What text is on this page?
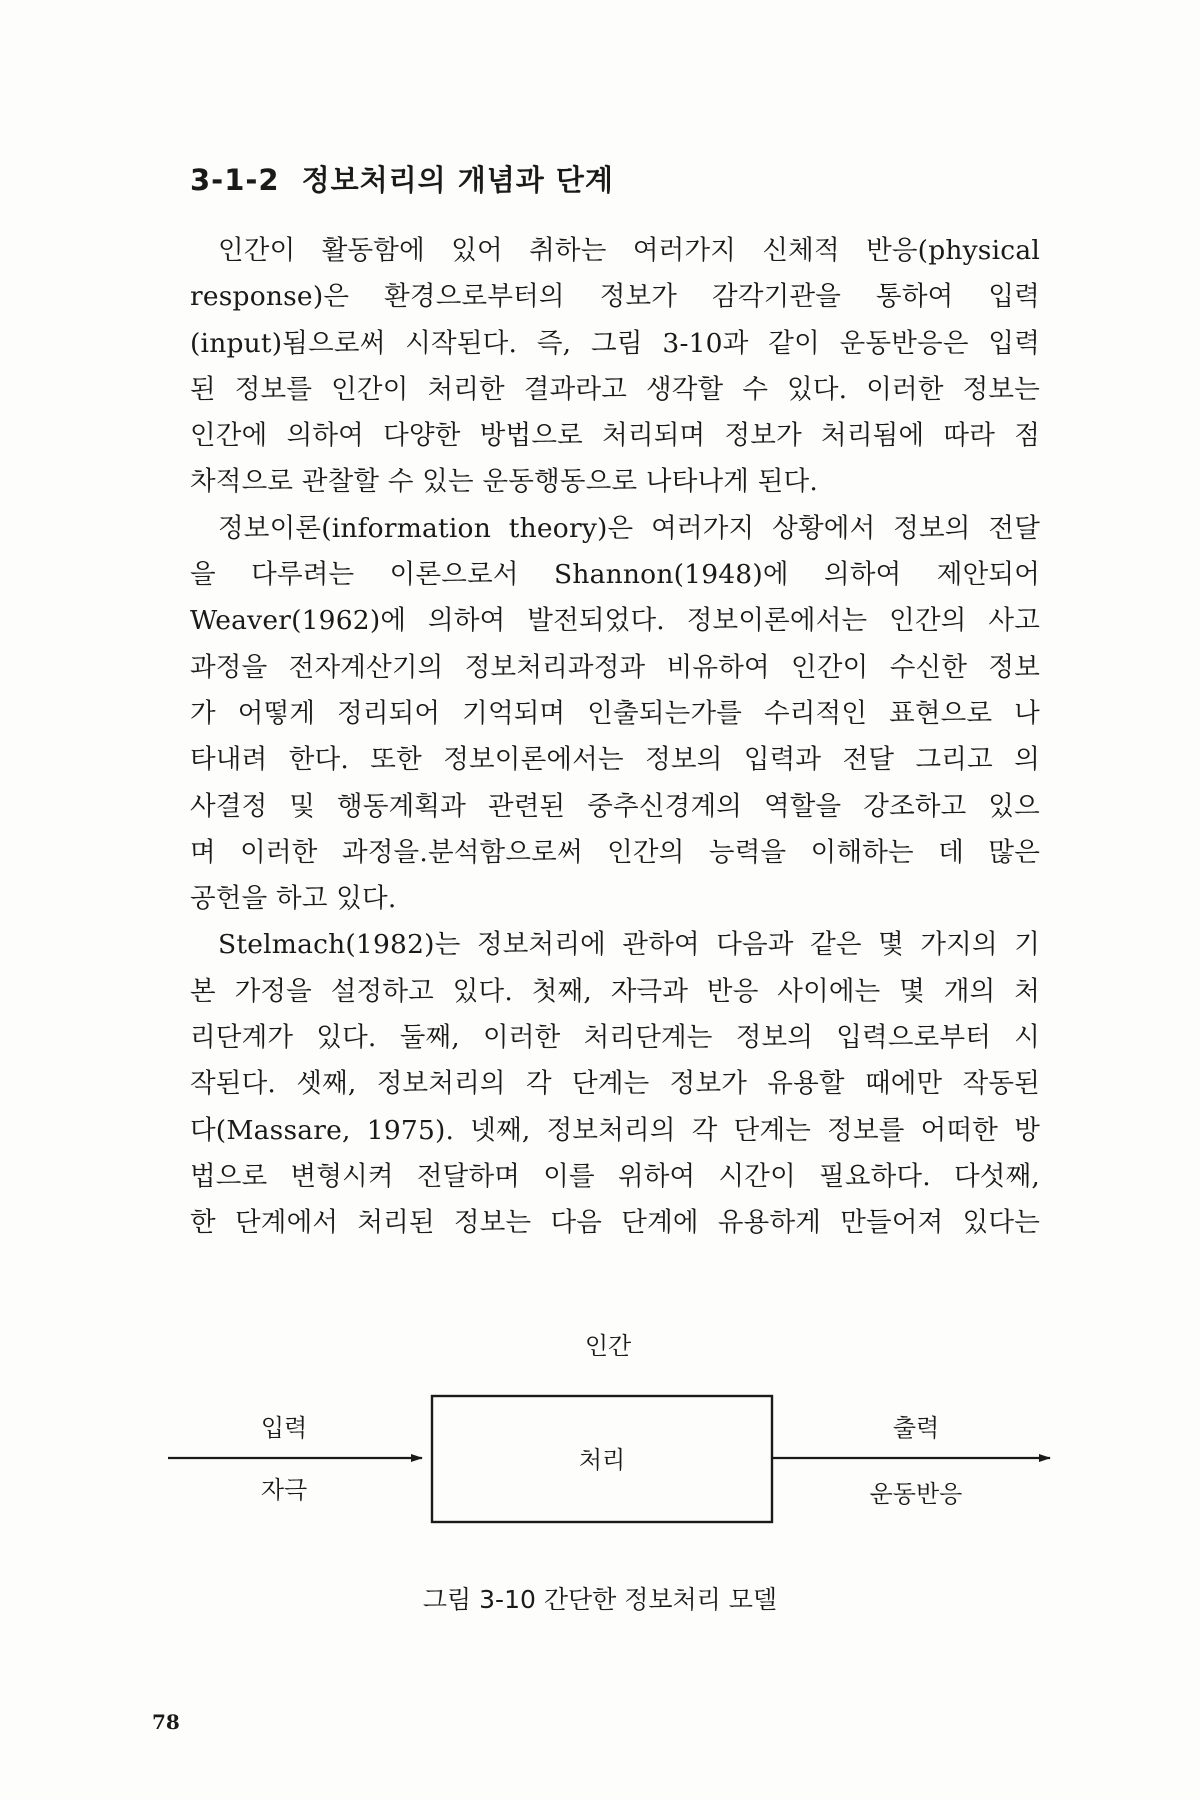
3-1-2 정보처리의 개념과 단계

인간이 활동함에 있어 취하는 여러가지 신체적 반응(physical
response)은 환경으로부터의 정보가 감각기관을 통하여 입력
(input)됨으로써 시작된다. 즉, 그림 3-10과 같이 운동반응은 입력
된 정보를 인간이 처리한 결과라고 생각할 수 있다. 이러한 정보는
인간에 의하여 다양한 방법으로 처리되며 정보가 처리됨에 따라 점
차적으로 관찰할 수 있는 운동행동으로 나타나게 된다.

정보이론(information theory)은 여러가지 상황에서 정보의 전달
을 다루려는 이론으로서 Shannon(1948)에 의하여 제안되어
Weaver(1962)에 의하여 발전되었다. 정보이론에서는 인간의 사고
과정을 전자계산기의 정보처리과정과 비유하여 인간이 수신한 정보
가 어떻게 정리되어 기억되며 인출되는가를 수리적인 표현으로 나
타내려 한다. 또한 정보이론에서는 정보의 입력과 전달 그리고 의
사결정 및 행동계획과 관련된 중추신경계의 역할을 강조하고 있으
며 이러한 과정을.분석함으로써 인간의 능력을 이해하는 데 많은
공헌을 하고 있다.

Stelmach(1982)는 정보처리에 관하여 다음과 같은 몇 가지의 기
본 가정을 설정하고 있다. 첫째, 자극과 반응 사이에는 몇 개의 처
리단계가 있다. 둘째, 이러한 처리단계는 정보의 입력으로부터 시
작된다. 셋째, 정보처리의 각 단계는 정보가 유용할 때에만 작동된
다(Massare, 1975). 넷째, 정보처리의 각 단계는 정보를 어떠한 방
법으로 변형시켜 전달하며 이를 위하여 시간이 필요하다. 다섯째,
한 단계에서 처리된 정보는 다음 단계에 유용하게 만들어져 있다는

인간
입력
자극
처리
출력
운동반응
그림 3-10 간단한 정보처리 모델
78
